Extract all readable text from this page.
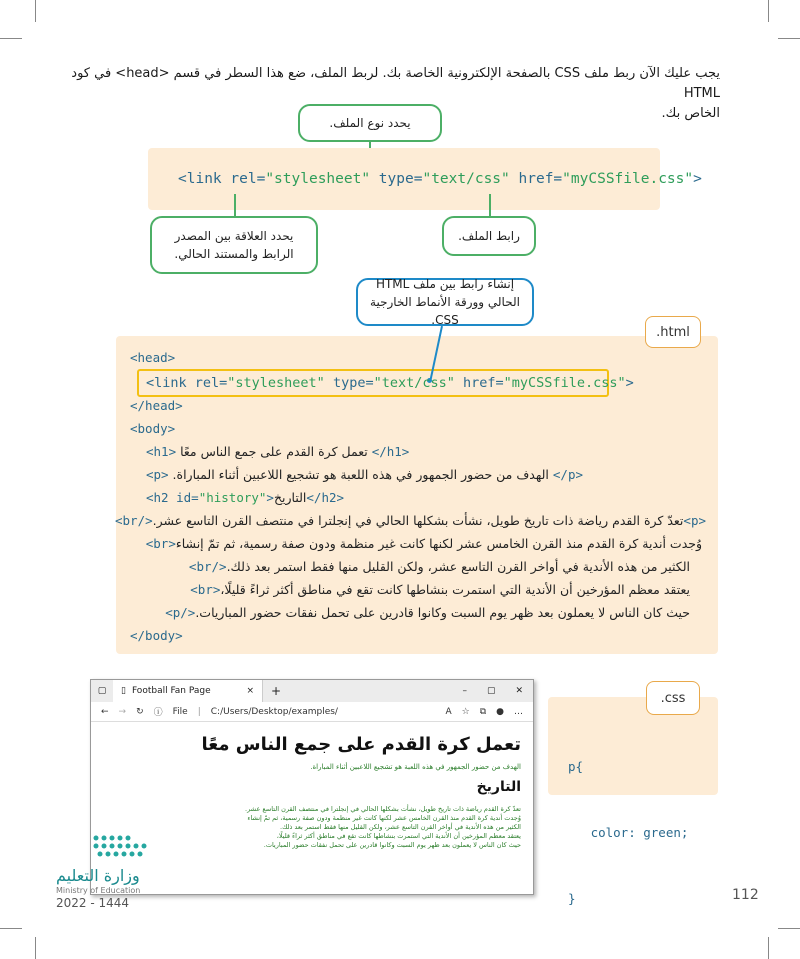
يجب عليك الآن ربط ملف CSS بالصفحة الإلكترونية الخاصة بك. لربط الملف، ضع هذا السطر في قسم <head> في كود HTML
الخاص بك.
يحدد نوع الملف.
<link rel="stylesheet" type="text/css" href="myCSSfile.css">
يحدد العلاقة بين المصدر الرابط والمستند الحالي.
رابط الملف.
إنشاء رابط بين ملف HTML الحالي وورقة الأنماط الخارجية CSS.
.html
<head>
<link rel="stylesheet" type="text/css" href="myCSSfile.css">
</head>
<body>
<h1> تعمل كرة القدم على جمع الناس معًا </h1>
<p> الهدف من حضور الجمهور في هذه اللعبة هو تشجيع اللاعبين أثناء المباراة. </p>
<h2 id="history">التاريخ</h2>
<p>تعدّ كرة القدم رياضة ذات تاريخ طويل، نشأت بشكلها الحالي في إنجلترا في منتصف القرن التاسع عشر.</br>
وُجدت أندية كرة القدم منذ القرن الخامس عشر لكنها كانت غير منظمة ودون صفة رسمية، ثم تمّ إنشاء<br>
الكثير من هذه الأندية في أواخر القرن التاسع عشر، ولكن القليل منها فقط استمر بعد ذلك.</br>
يعتقد معظم المؤرخين أن الأندية التي استمرت بنشاطها كانت تقع في مناطق أكثر ثراءً قليلًا،<br>
حيث كان الناس لا يعملون بعد ظهر يوم السبت وكانوا قادرين على تحمل نفقات حضور المباريات.</p>
</body>
▢	▯ Football Fan Page	×	+	–	▢	✕
← → ↻ ⓘ File | C:/Users/Desktop/examples/	A ☆ ⧉ ● …
تعمل كرة القدم على جمع الناس معًا
الهدف من حضور الجمهور في هذه اللعبة هو تشجيع اللاعبين أثناء المباراة.
التاريخ
تعدّ كرة القدم رياضة ذات تاريخ طويل، نشأت بشكلها الحالي في إنجلترا في منتصف القرن التاسع عشر.
وُجدت أندية كرة القدم منذ القرن الخامس عشر لكنها كانت غير منظمة ودون صفة رسمية، ثم تمّ إنشاء
الكثير من هذه الأندية في أواخر القرن التاسع عشر، ولكن القليل منها فقط استمر بعد ذلك.
يعتقد معظم المؤرخين أن الأندية التي استمرت بنشاطها كانت تقع في مناطق أكثر ثراءً قليلًا،
حيث كان الناس لا يعملون بعد ظهر يوم السبت وكانوا قادرين على تحمل نفقات حضور المباريات.
.css

p{

color: green;

}

وزارة التعليم
Ministry of Education
2022 - 1444	112
